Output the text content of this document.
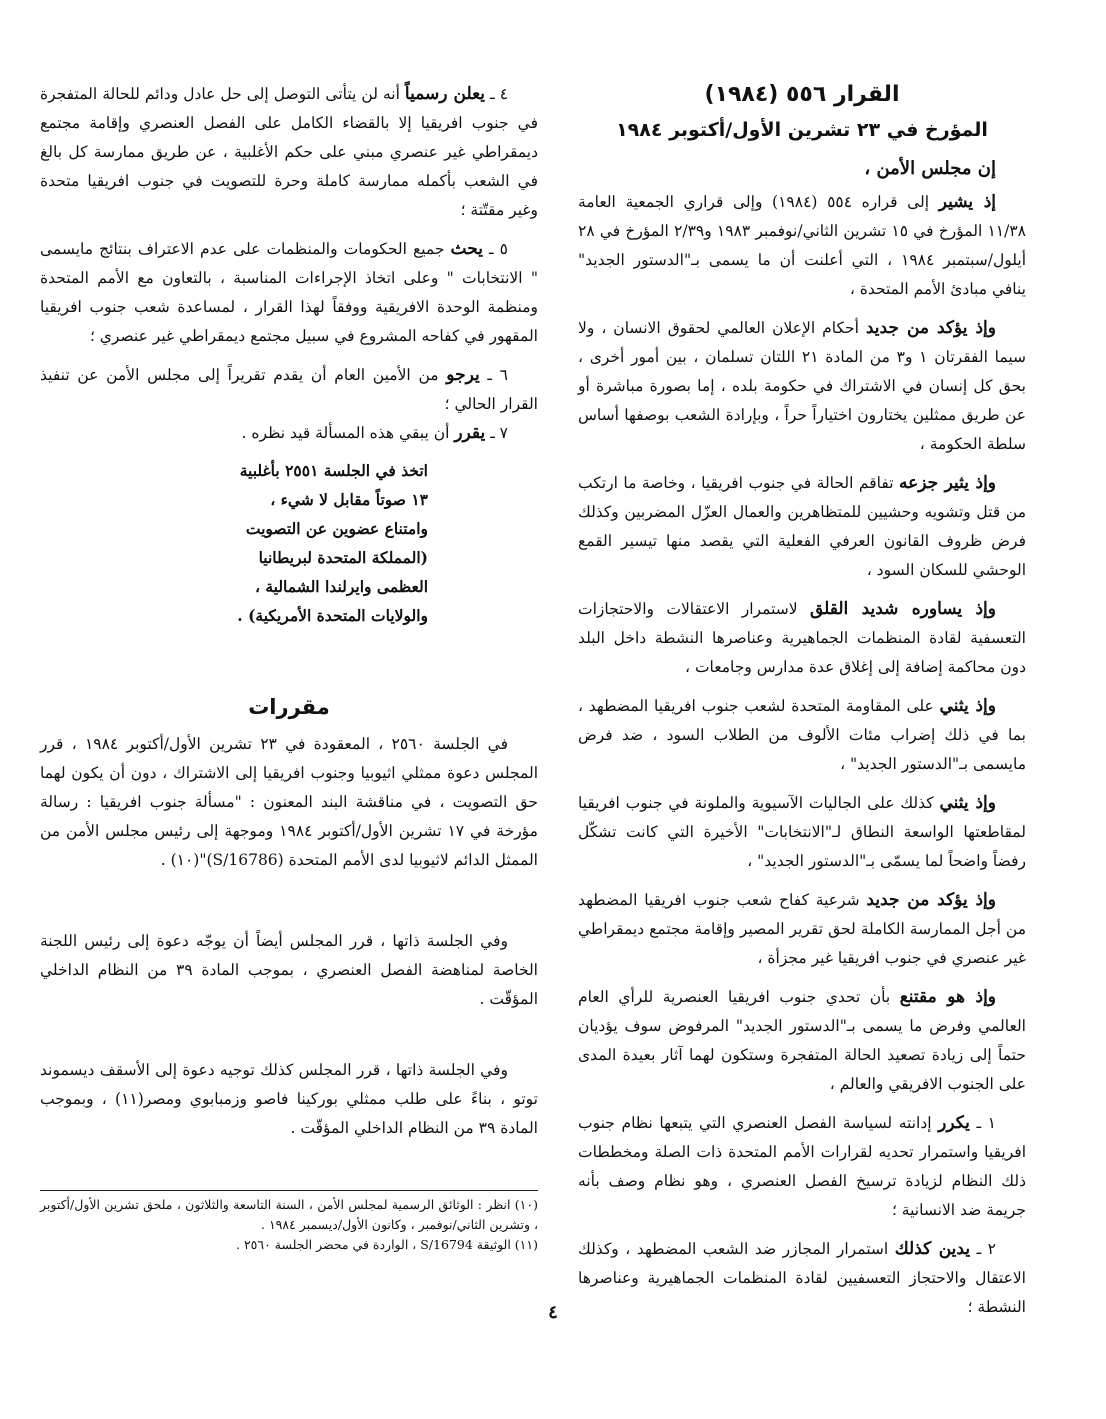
القرار ٥٥٦ (١٩٨٤)
المؤرخ في ٢٣ تشرين الأول/أكتوبر ١٩٨٤
إن مجلس الأمن ،

إذ يشير إلى قراره ٥٥٤ (١٩٨٤) وإلى قراري الجمعية العامة ١١/٣٨ المؤرخ في ١٥ تشرين الثاني/نوفمبر ١٩٨٣ و٢/٣٩ المؤرخ في ٢٨ أيلول/سبتمبر ١٩٨٤ ، التي أعلنت أن ما يسمى بـ"الدستور الجديد" ينافي مبادئ الأمم المتحدة ،

وإذ يؤكد من جديد أحكام الإعلان العالمي لحقوق الانسان ، ولا سيما الفقرتان ١ و٣ من المادة ٢١ اللتان تسلمان ، بين أمور أخرى ، بحق كل إنسان في الاشتراك في حكومة بلده ، إما بصورة مباشرة أو عن طريق ممثلين يختارون اختياراً حراً ، وبإرادة الشعب بوصفها أساس سلطة الحكومة ،

وإذ يثير جزعه تفاقم الحالة في جنوب افريقيا ، وخاصة ما ارتكب من قتل وتشويه وحشيين للمتظاهرين والعمال العزّل المضربين وكذلك فرض ظروف القانون العرفي الفعلية التي يقصد منها تيسير القمع الوحشي للسكان السود ،

وإذ يساوره شديد القلق لاستمرار الاعتقالات والاحتجازات التعسفية لقادة المنظمات الجماهيرية وعناصرها النشطة داخل البلد دون محاكمة إضافة إلى إغلاق عدة مدارس وجامعات ،

وإذ يثني على المقاومة المتحدة لشعب جنوب افريقيا المضطهد ، بما في ذلك إضراب مئات الألوف من الطلاب السود ، ضد فرض مايسمى بـ"الدستور الجديد" ،

وإذ يثني كذلك على الجاليات الآسيوية والملونة في جنوب افريقيا لمقاطعتها الواسعة النطاق لـ"الانتخابات" الأخيرة التي كانت تشكّل رفضاً واضحاً لما يسمّى بـ"الدستور الجديد" ،

وإذ يؤكد من جديد شرعية كفاح شعب جنوب افريقيا المضطهد من أجل الممارسة الكاملة لحق تقرير المصير وإقامة مجتمع ديمقراطي غير عنصري في جنوب افريقيا غير مجزأة ،

وإذ هو مقتنع بأن تحدي جنوب افريقيا العنصرية للرأي العام العالمي وفرض ما يسمى بـ"الدستور الجديد" المرفوض سوف يؤديان حتماً إلى زيادة تصعيد الحالة المتفجرة وستكون لهما آثار بعيدة المدى على الجنوب الافريقي والعالم ،

١ ـ يكرر إدانته لسياسة الفصل العنصري التي يتبعها نظام جنوب افريقيا واستمرار تحديه لقرارات الأمم المتحدة ذات الصلة ومخططات ذلك النظام لزيادة ترسيخ الفصل العنصري ، وهو نظام وصف بأنه جريمة ضد الانسانية ؛

٢ ـ يدين كذلك استمرار المجازر ضد الشعب المضطهد ، وكذلك الاعتقال والاحتجاز التعسفيين لقادة المنظمات الجماهيرية وعناصرها النشطة ؛

٤ ـ يعلن رسمياً أنه لن يتأتى التوصل إلى حل عادل ودائم للحالة المتفجرة في جنوب افريقيا إلا بالقضاء الكامل على الفصل العنصري وإقامة مجتمع ديمقراطي غير عنصري مبني على حكم الأغلبية ، عن طريق ممارسة كل بالغ في الشعب بأكمله ممارسة كاملة وحرة للتصويت في جنوب افريقيا متحدة وغير مقتّتة ؛

٥ ـ يحث جميع الحكومات والمنظمات على عدم الاعتراف بنتائج مايسمى " الانتخابات " وعلى اتخاذ الإجراءات المناسبة ، بالتعاون مع الأمم المتحدة ومنظمة الوحدة الافريقية ووفقاً لهذا القرار ، لمساعدة شعب جنوب افريقيا المقهور في كفاحه المشروع في سبيل مجتمع ديمقراطي غير عنصري ؛

٦ ـ يرجو من الأمين العام أن يقدم تقريراً إلى مجلس الأمن عن تنفيذ القرار الحالي ؛

٧ ـ يقرر أن يبقي هذه المسألة قيد نظره .

اتخذ في الجلسة ٢٥٥١ بأغلبية
١٣ صوتاً مقابل لا شيء ،
وامتناع عضوين عن التصويت
(المملكة المتحدة لبريطانيا
العظمى وايرلندا الشمالية ،
والولايات المتحدة الأمريكية) .
مقررات

في الجلسة ٢٥٦٠ ، المعقودة في ٢٣ تشرين الأول/أكتوبر ١٩٨٤ ، قرر المجلس دعوة ممثلي اثيوبيا وجنوب افريقيا إلى الاشتراك ، دون أن يكون لهما حق التصويت ، في مناقشة البند المعنون : "مسألة جنوب افريقيا : رسالة مؤرخة في ١٧ تشرين الأول/أكتوبر ١٩٨٤ وموجهة إلى رئيس مجلس الأمن من الممثل الدائم لاثيوبيا لدى الأمم المتحدة (S/16786)"(١٠) .

وفي الجلسة ذاتها ، قرر المجلس أيضاً أن يوجّه دعوة إلى رئيس اللجنة الخاصة لمناهضة الفصل العنصري ، بموجب المادة ٣٩ من النظام الداخلي المؤقّت .

وفي الجلسة ذاتها ، قرر المجلس كذلك توجيه دعوة إلى الأسقف ديسموند توتو ، بناءً على طلب ممثلي بوركينا فاصو وزمبابوي ومصر(١١) ، وبموجب المادة ٣٩ من النظام الداخلي المؤقّت .

(١٠) انظر : الوثائق الرسمية لمجلس الأمن ، السنة التاسعة والثلاثون ، ملحق تشرين الأول/أكتوبر ، وتشرين الثاني/نوفمبر ، وكانون الأول/ديسمبر ١٩٨٤ .

(١١) الوثيقة S/16794 ، الواردة في محضر الجلسة ٢٥٦٠ .

٤
